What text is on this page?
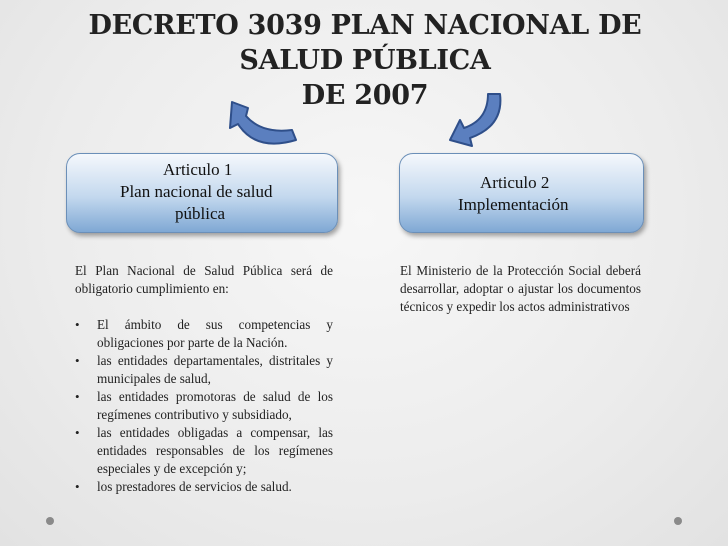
DECRETO 3039 PLAN NACIONAL DE
SALUD PÚBLICA
DE 2007
Articulo 1
Plan nacional de salud
pública
Articulo 2
Implementación

El Plan Nacional de Salud Pública será de obligatorio cumplimiento en:

• El ámbito de sus competencias y obligaciones por parte de la Nación.
• las entidades departamentales, distritales y municipales de salud,
• las entidades promotoras de salud de los regímenes contributivo y subsidiado,
• las entidades obligadas a compensar, las entidades responsables de los regímenes especiales y de excepción y;
• los prestadores de servicios de salud.

El Ministerio de la Protección Social deberá desarrollar, adoptar o ajustar los documentos técnicos y expedir los actos administrativos
